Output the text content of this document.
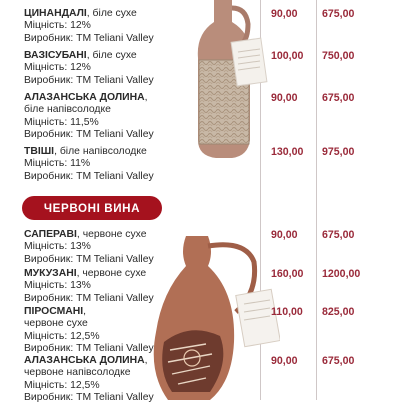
ЦИНАНДАЛІ, біле сухе
Міцність: 12%
Виробник: TM Teliani Valley
90,00 675,00
ВАЗІСУБАНІ, біле сухе
Міцність: 12%
Виробник: TM Teliani Valley
100,00 750,00
АЛАЗАНСЬКА ДОЛИНА,
біле напівсолодке
Міцність: 11,5%
Виробник: TM Teliani Valley
90,00 675,00
ТВІШІ, біле напівсолодке
Міцність: 11%
Виробник: TM Teliani Valley
130,00 975,00
ЧЕРВОНІ ВИНА
САПЕРАВІ, червоне сухе
Міцність: 13%
Виробник: TM Teliani Valley
90,00 675,00
МУКУЗАНІ, червоне сухе
Міцність: 13%
Виробник: TM Teliani Valley
160,00 1200,00
ПІРОСМАНІ,
червоне сухе
Міцність: 12,5%
Виробник: TM Teliani Valley
110,00 825,00
АЛАЗАНСЬКА ДОЛИНА,
червоне напівсолодке
Міцність: 12,5%
Виробник: TM Teliani Valley
90,00 675,00
